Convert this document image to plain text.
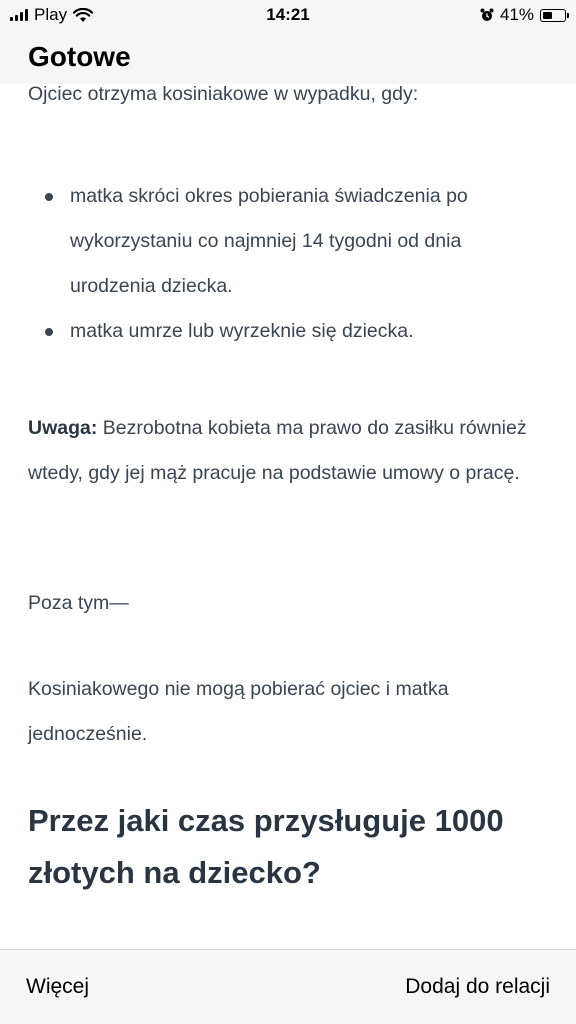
Play	14:21	41%
Gotowe
Ojciec otrzyma kosiniakowe w wypadku, gdy:
matka skróci okres pobierania świadczenia po wykorzystaniu co najmniej 14 tygodni od dnia urodzenia dziecka.
matka umrze lub wyrzeknie się dziecka.
Uwaga: Bezrobotna kobieta ma prawo do zasiłku również wtedy, gdy jej mąż pracuje na podstawie umowy o pracę.
Poza tym—
Kosiniakowego nie mogą pobierać ojciec i matka jednocześnie.
Przez jaki czas przysługuje 1000 złotych na dziecko?
Więcej	Dodaj do relacji
